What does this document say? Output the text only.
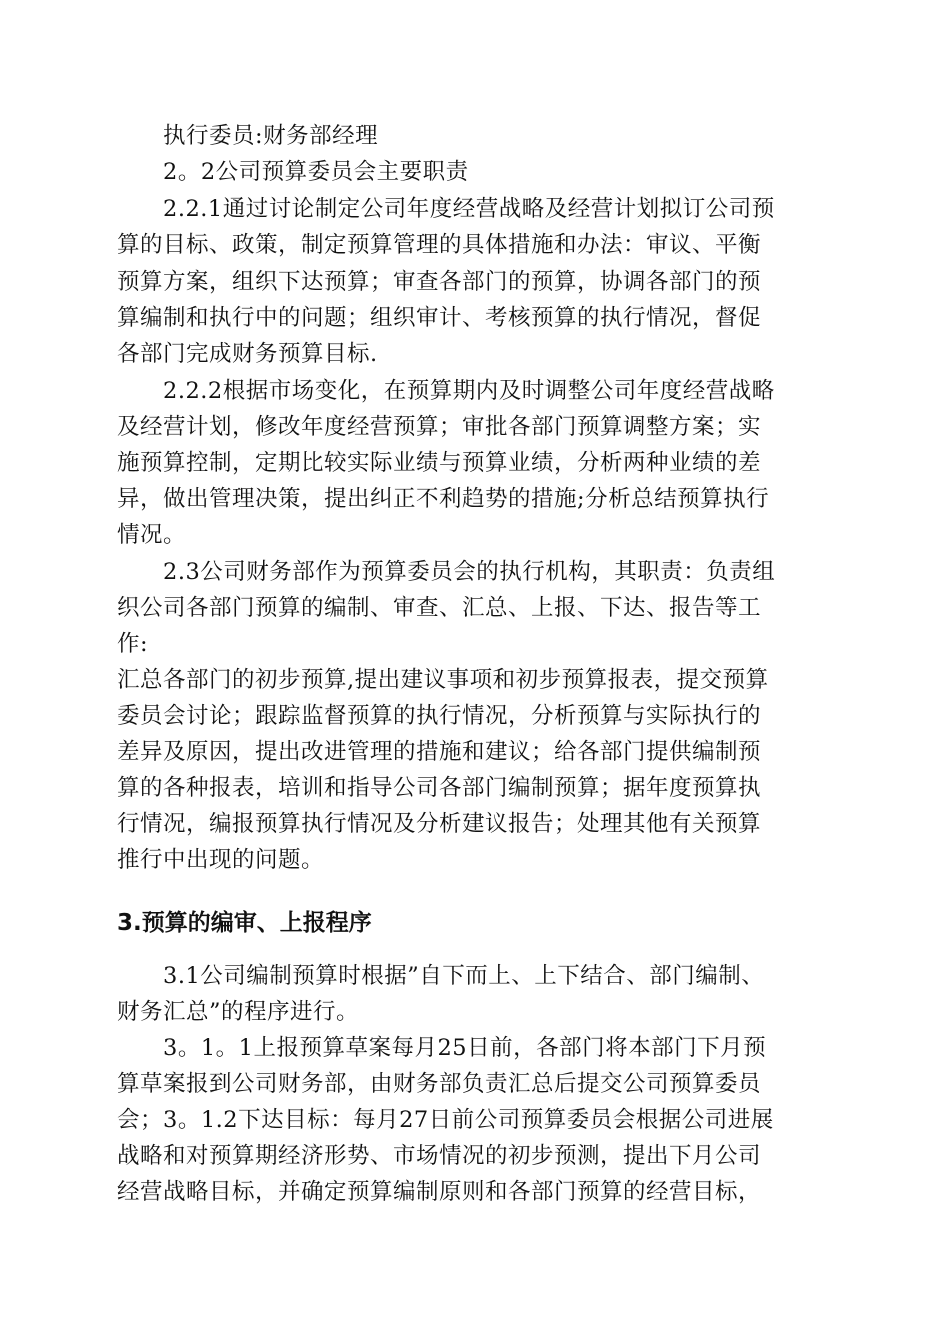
执行委员:财务部经理
2。2公司预算委员会主要职责
2.2.1通过讨论制定公司年度经营战略及经营计划拟订公司预
算的目标、政策，制定预算管理的具体措施和办法：审议、平衡
预算方案，组织下达预算；审查各部门的预算，协调各部门的预
算编制和执行中的问题；组织审计、考核预算的执行情况，督促
各部门完成财务预算目标.
2.2.2根据市场变化，在预算期内及时调整公司年度经营战略
及经营计划，修改年度经营预算；审批各部门预算调整方案；实
施预算控制，定期比较实际业绩与预算业绩，分析两种业绩的差
异，做出管理决策，提出纠正不利趋势的措施;分析总结预算执行
情况。
2.3公司财务部作为预算委员会的执行机构，其职责：负责组
织公司各部门预算的编制、审查、汇总、上报、下达、报告等工
作:
汇总各部门的初步预算,提出建议事项和初步预算报表，提交预算
委员会讨论；跟踪监督预算的执行情况，分析预算与实际执行的
差异及原因，提出改进管理的措施和建议；给各部门提供编制预
算的各种报表，培训和指导公司各部门编制预算；据年度预算执
行情况，编报预算执行情况及分析建议报告；处理其他有关预算
推行中出现的问题。
3.预算的编审、上报程序
3.1公司编制预算时根据”自下而上、上下结合、部门编制、
财务汇总”的程序进行。
3。1。1上报预算草案每月25日前，各部门将本部门下月预
算草案报到公司财务部，由财务部负责汇总后提交公司预算委员
会；3。1.2下达目标：每月27日前公司预算委员会根据公司进展
战略和对预算期经济形势、市场情况的初步预测，提出下月公司
经营战略目标，并确定预算编制原则和各部门预算的经营目标，
